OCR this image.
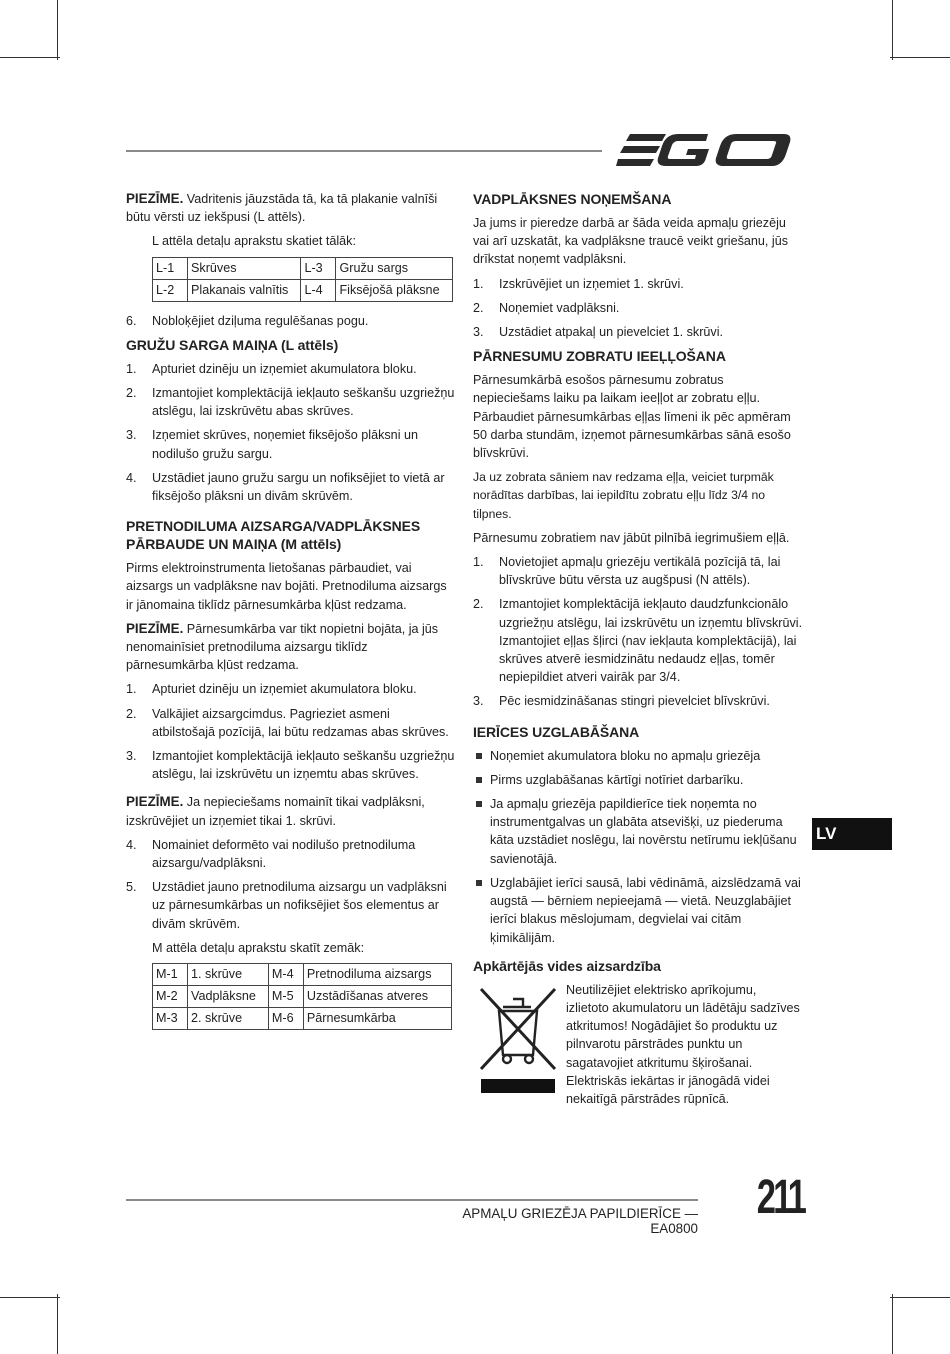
PIEZĪME. Vadritenis jāuzstāda tā, ka tā plakanie valnīši būtu vērsti uz iekšpusi (L attēls).

L attēla detaļu aprakstu skatiet tālāk:

L-1	Skrūves	L-3	Gružu sargs
L-2	Plakanais valnītis	L-4	Fiksējošā plāksne
6. Nobloķējiet dziļuma regulēšanas pogu.
GRUŽU SARGA MAIŅA (L attēls)
1. Apturiet dzinēju un izņemiet akumulatora bloku.
2. Izmantojiet komplektācijā iekļauto seškanšu uzgriežņu atslēgu, lai izskrūvētu abas skrūves.
3. Izņemiet skrūves, noņemiet fiksējošo plāksni un nodilušo gružu sargu.
4. Uzstādiet jauno gružu sargu un nofiksējiet to vietā ar fiksējošo plāksni un divām skrūvēm.
PRETNODILUMA AIZSARGA/VADPLĀKSNES PĀRBAUDE UN MAIŅA (M attēls)

Pirms elektroinstrumenta lietošanas pārbaudiet, vai aizsargs un vadplāksne nav bojāti. Pretnodiluma aizsargs ir jānomaina tiklīdz pārnesumkārba kļūst redzama.

PIEZĪME. Pārnesumkārba var tikt nopietni bojāta, ja jūs nenomainīsiet pretnodiluma aizsargu tiklīdz pārnesumkārba kļūst redzama.

1. Apturiet dzinēju un izņemiet akumulatora bloku.
2. Valkājiet aizsargcimdus. Pagrieziet asmeni atbilstošajā pozīcijā, lai būtu redzamas abas skrūves.
3. Izmantojiet komplektācijā iekļauto seškanšu uzgriežņu atslēgu, lai izskrūvētu un izņemtu abas skrūves.

PIEZĪME. Ja nepieciešams nomainīt tikai vadplāksni, izskrūvējiet un izņemiet tikai 1. skrūvi.

4. Nomainiet deformēto vai nodilušo pretnodiluma aizsargu/vadplāksni.
5. Uzstādiet jauno pretnodiluma aizsargu un vadplāksni uz pārnesumkārbas un nofiksējiet šos elementus ar divām skrūvēm.

M attēla detaļu aprakstu skatīt zemāk:

M-1	1. skrūve	M-4	Pretnodiluma aizsargs
M-2	Vadplāksne	M-5	Uzstādīšanas atveres
M-3	2. skrūve	M-6	Pārnesumkārba
VADPLĀKSNES NOŅEMŠANA

Ja jums ir pieredze darbā ar šāda veida apmaļu griezēju vai arī uzskatāt, ka vadplāksne traucē veikt griešanu, jūs drīkstat noņemt vadplāksni.

1. Izskrūvējiet un izņemiet 1. skrūvi.
2. Noņemiet vadplāksni.
3. Uzstādiet atpakaļ un pievelciet 1. skrūvi.
PĀRNESUMU ZOBRATU IEEĻĻOŠANA

Pārnesumkārbā esošos pārnesumu zobratus nepieciešams laiku pa laikam ieeļļot ar zobratu eļļu. Pārbaudiet pārnesumkārbas eļļas līmeni ik pēc apmēram 50 darba stundām, izņemot pārnesumkārbas sānā esošo blīvskrūvi.

Ja uz zobrata sāniem nav redzama eļļa, veiciet turpmāk norādītas darbības, lai iepildītu zobratu eļļu līdz 3/4 no tilpnes.

Pārnesumu zobratiem nav jābūt pilnībā iegrimušiem eļļā.

1. Novietojiet apmaļu griezēju vertikālā pozīcijā tā, lai blīvskrūve būtu vērsta uz augšpusi (N attēls).
2. Izmantojiet komplektācijā iekļauto daudzfunkcionālo uzgriežņu atslēgu, lai izskrūvētu un izņemtu blīvskrūvi. Izmantojiet eļļas šļirci (nav iekļauta komplektācijā), lai skrūves atverē iesmidzinātu nedaudz eļļas, tomēr nepiepildiet atveri vairāk par 3/4.
3. Pēc iesmidzināšanas stingri pievelciet blīvskrūvi.
IERĪCES UZGLABĀŠANA
Noņemiet akumulatora bloku no apmaļu griezēja
Pirms uzglabāšanas kārtīgi notīriet darbarīku.
Ja apmaļu griezēja papildierīce tiek noņemta no instrumentgalvas un glabāta atsevišķi, uz piederuma kāta uzstādiet noslēgu, lai novērstu netīrumu iekļūšanu savienotājā.
Uzglabājiet ierīci sausā, labi vēdināmā, aizslēdzamā vai augstā — bērniem nepieejamā — vietā. Neuzglabājiet ierīci blakus mēslojumam, degvielai vai citām ķimikālijām.
Apkārtējās vides aizsardzība
Neutilizējiet elektrisko aprīkojumu, izlietoto akumulatoru un lādētāju sadzīves atkritumos! Nogādājiet šo produktu uz pilnvarotu pārstrādes punktu un sagatavojiet atkritumu šķirošanai. Elektriskās iekārtas ir jānogādā videi nekaitīgā pārstrādes rūpnīcā.
LV
APMAĻU GRIEZĒJA PAPILDIERĪCE — EA0800
211
